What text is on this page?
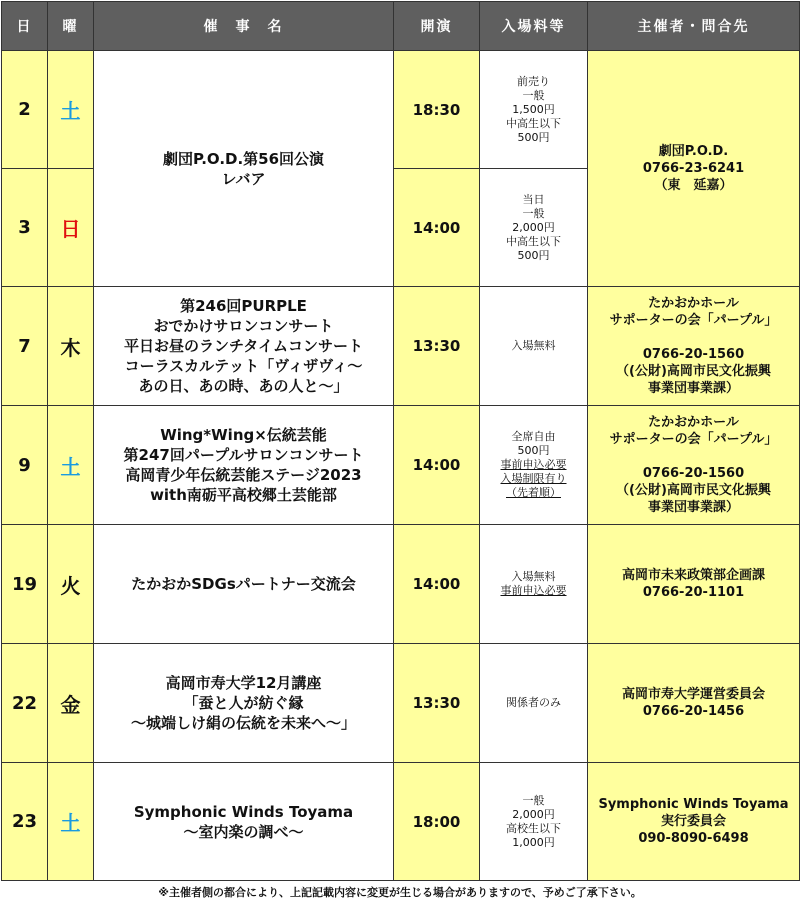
日	曜	催　事　名	開演	入場料等	主催者・問合先
2	土	劇団P.O.D.第56回公演
レバア	18:30	前売り
一般
1,500円
中高生以下
500円	劇団P.O.D.
0766-23-6241
（東　延嘉）

3	日		14:00	当日
一般
2,000円
中高生以下
500円	

7	木	第246回PURPLE
おでかけサロンコンサート
平日お昼のランチタイムコンサート
コーラスカルテット「ヴィザヴィ～
あの日、あの時、あの人と～」	13:30	入場無料	たかおかホール
サポーターの会「パープル」
0766-20-1560
（(公財)高岡市民文化振興
事業団事業課）

9	土	Wing*Wing×伝統芸能
第247回パープルサロンコンサート
高岡青少年伝統芸能ステージ2023
with南砺平高校郷土芸能部	14:00	全席自由
500円
事前申込必要
入場制限有り
（先着順）	たかおかホール
サポーターの会「パープル」
0766-20-1560
（(公財)高岡市民文化振興
事業団事業課）

19	火	たかおかSDGsパートナー交流会	14:00	入場無料
事前申込必要	高岡市未来政策部企画課
0766-20-1101

22	金	高岡市寿大学12月講座
「蚕と人が紡ぐ縁
～城端しけ絹の伝統を未来へ～」	13:30	関係者のみ	高岡市寿大学運営委員会
0766-20-1456

23	土	Symphonic Winds Toyama
～室内楽の調べ～	18:00	一般
2,000円
高校生以下
1,000円	Symphonic Winds Toyama
実行委員会
090-8090-6498
※主催者側の都合により、上記記載内容に変更が生じる場合がありますので、予めご了承下さい。
